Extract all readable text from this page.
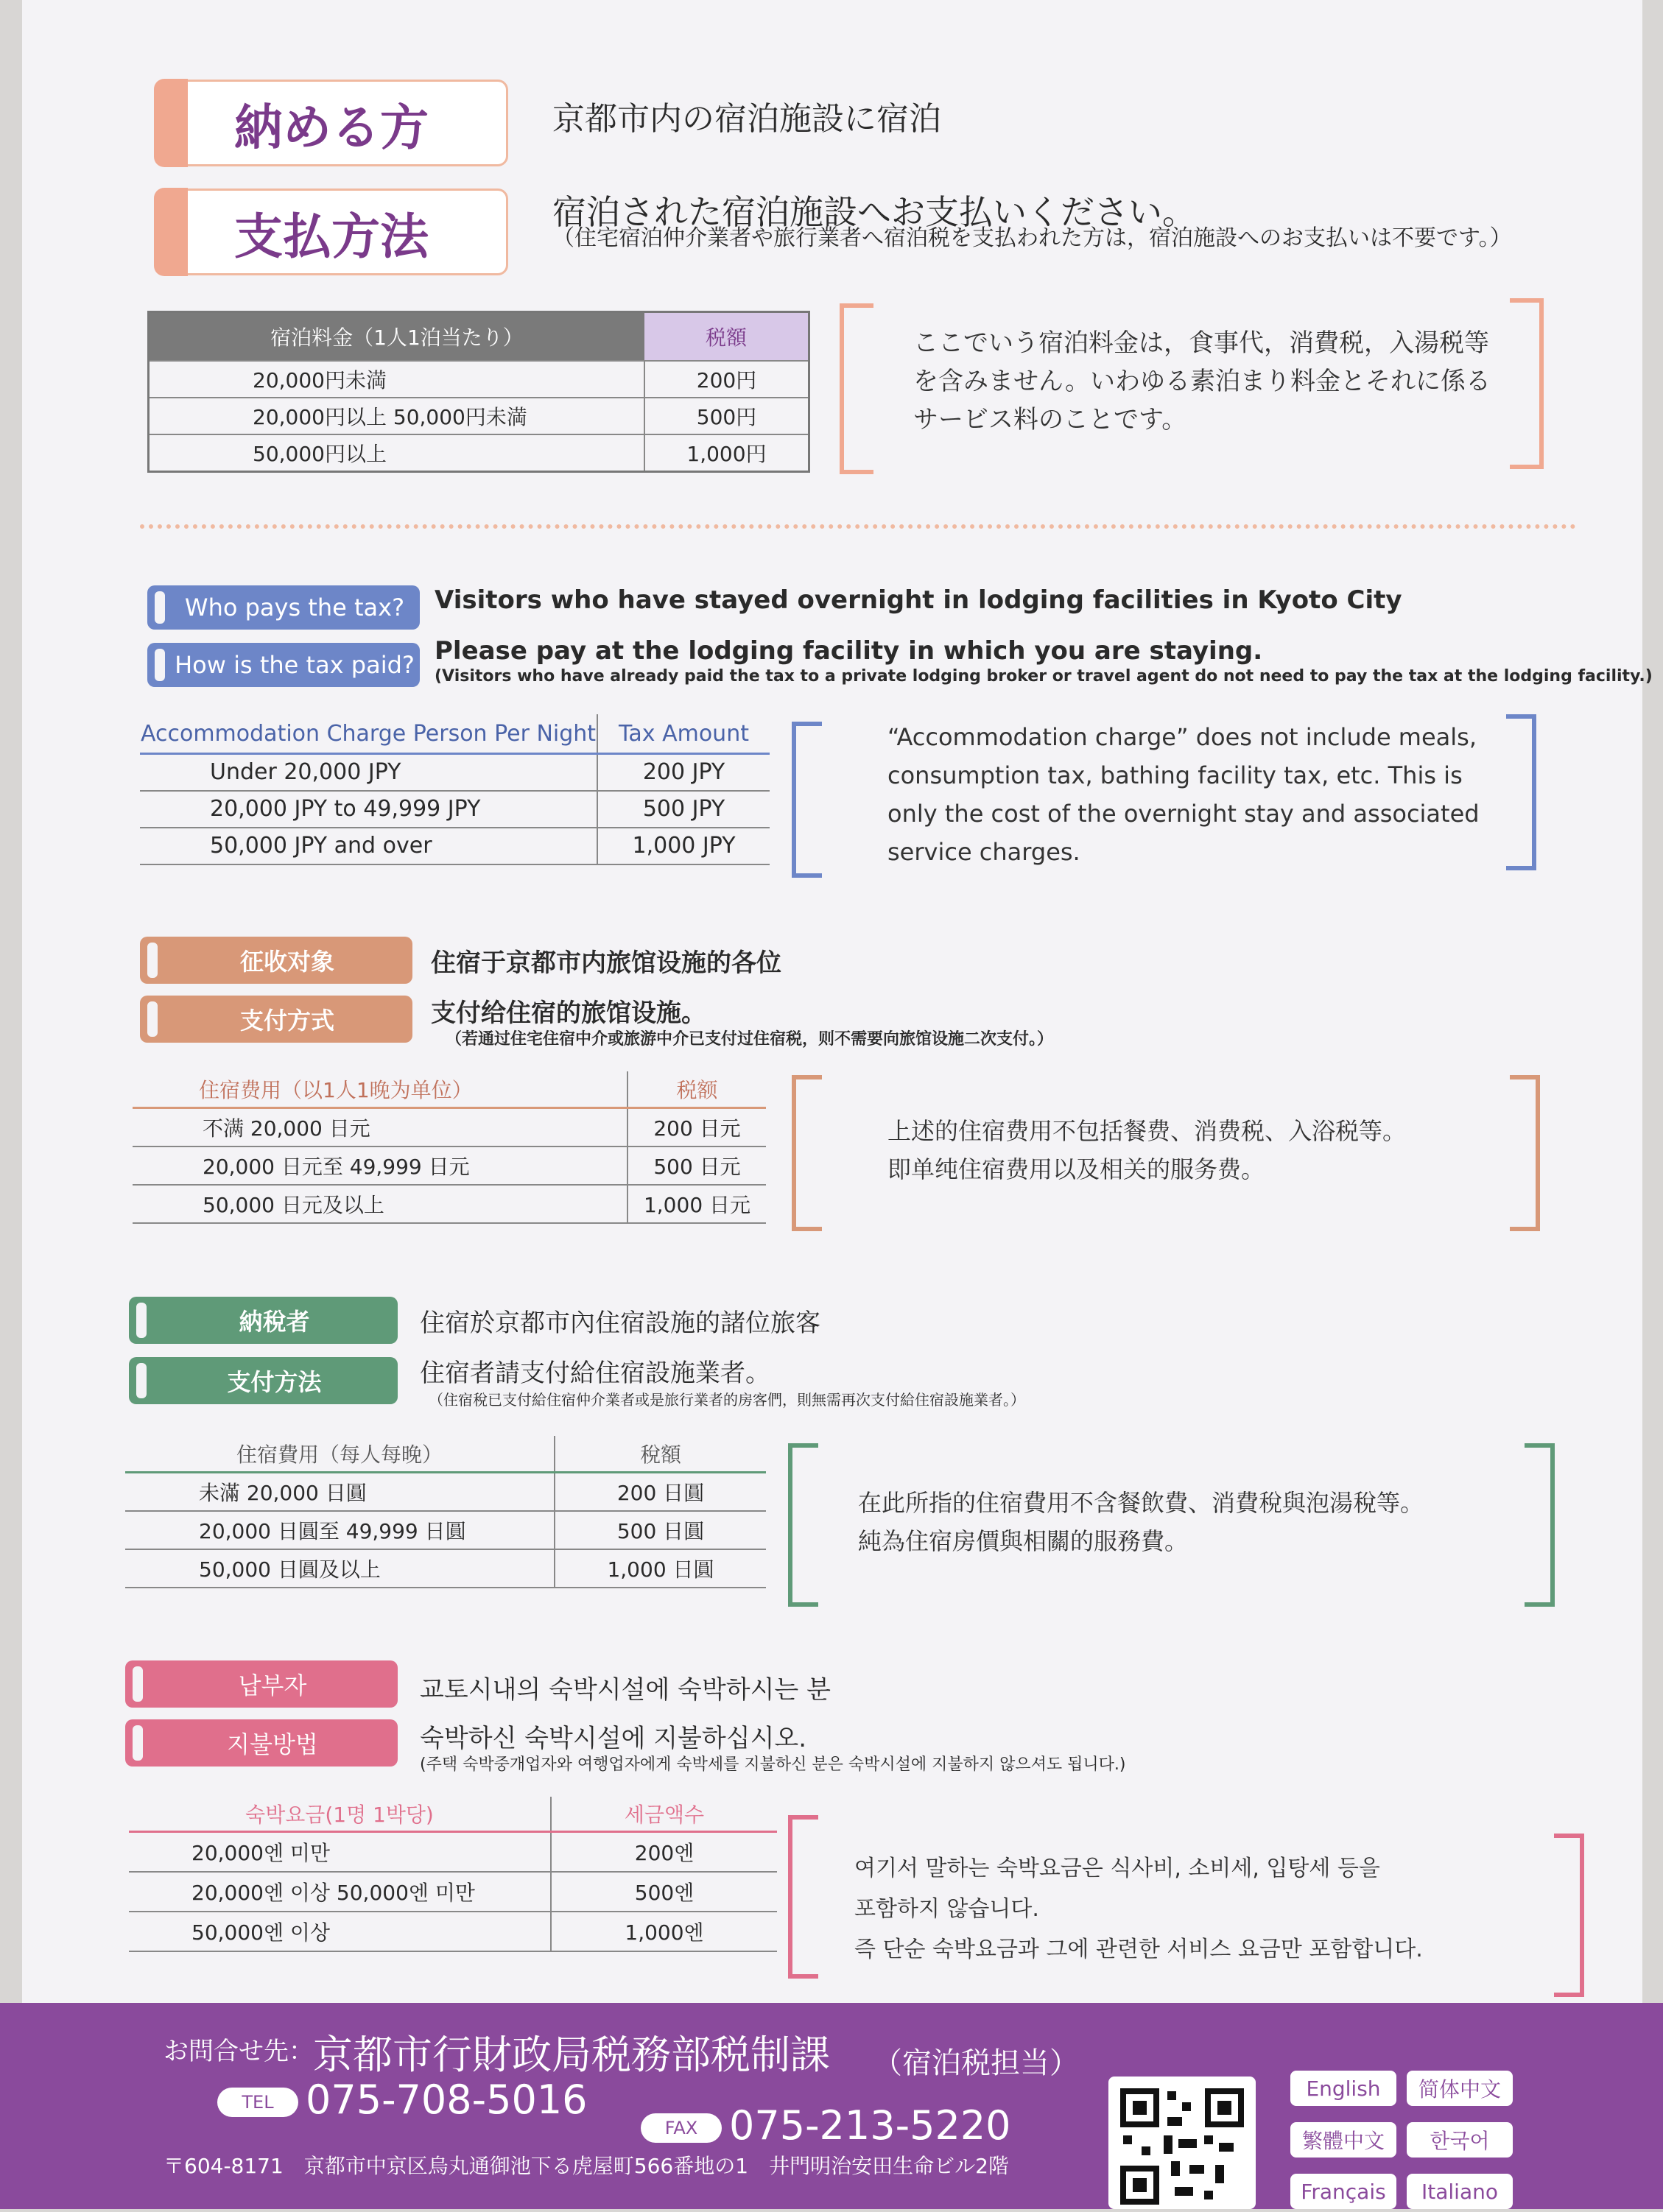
納める方
支払方法
京都市内の宿泊施設に宿泊
宿泊された宿泊施設へお支払いください。
（住宅宿泊仲介業者や旅行業者へ宿泊税を支払われた方は，宿泊施設へのお支払いは不要です。）
宿泊料金（1人1泊当たり）	税額
20,000円未満	200円
20,000円以上 50,000円未満	500円
50,000円以上	1,000円
ここでいう宿泊料金は，食事代，消費税，入湯税等
を含みません。いわゆる素泊まり料金とそれに係る
サービス料のことです。
Who pays the tax?
How is the tax paid?
Visitors who have stayed overnight in lodging facilities in Kyoto City
Please pay at the lodging facility in which you are staying.
(Visitors who have already paid the tax to a private lodging broker or travel agent do not need to pay the tax at the lodging facility.)
Accommodation Charge Person Per Night	Tax Amount
Under 20,000 JPY	200 JPY
20,000 JPY to 49,999 JPY	500 JPY
50,000 JPY and over	1,000 JPY
“Accommodation charge” does not include meals,
consumption tax, bathing facility tax, etc. This is
only the cost of the overnight stay and associated
service charges.
征收对象
支付方式
住宿于京都市内旅馆设施的各位
支付给住宿的旅馆设施。
（若通过住宅住宿中介或旅游中介已支付过住宿税，则不需要向旅馆设施二次支付。）
住宿费用（以1人1晚为单位）	税额
不满 20,000 日元	200 日元
20,000 日元至 49,999 日元	500 日元
50,000 日元及以上	1,000 日元
上述的住宿费用不包括餐费、消费税、入浴税等。
即单纯住宿费用以及相关的服务费。
納稅者
支付方法
住宿於京都市內住宿設施的諸位旅客
住宿者請支付給住宿設施業者。
（住宿稅已支付給住宿仲介業者或是旅行業者的房客們，則無需再次支付給住宿設施業者。）
住宿費用（每人每晚）	稅額
未滿 20,000 日圓	200 日圓
20,000 日圓至 49,999 日圓	500 日圓
50,000 日圓及以上	1,000 日圓
在此所指的住宿費用不含餐飲費、消費稅與泡湯稅等。
純為住宿房價與相關的服務費。
납부자
지불방법
교토시내의 숙박시설에 숙박하시는 분
숙박하신 숙박시설에 지불하십시오.
(주택 숙박중개업자와 여행업자에게 숙박세를 지불하신 분은 숙박시설에 지불하지 않으셔도 됩니다.)
숙박요금(1명 1박당)	세금액수
20,000엔 미만	200엔
20,000엔 이상 50,000엔 미만	500엔
50,000엔 이상	1,000엔
여기서 말하는 숙박요금은 식사비, 소비세, 입탕세 등을
포함하지 않습니다.
즉 단순 숙박요금과 그에 관련한 서비스 요금만 포함합니다.
お問合せ先： 京都市行財政局税務部税制課 （宿泊税担当）
TEL 075-708-5016
FAX 075-213-5220
〒604-8171　京都市中京区烏丸通御池下る虎屋町566番地の1　井門明治安田生命ビル2階
English	简体中文
繁體中文	한국어
Français	Italiano
